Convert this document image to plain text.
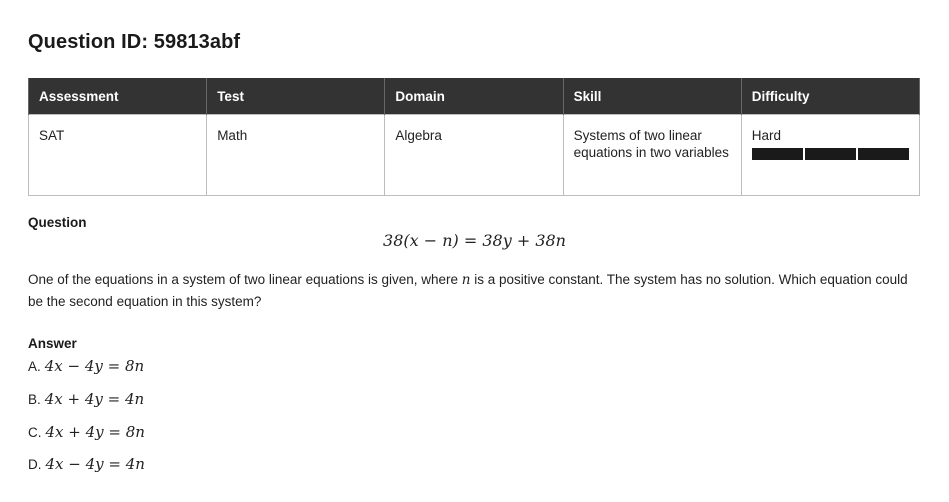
Question ID: 59813abf
Assessment	Test	Domain	Skill	Difficulty
SAT	Math	Algebra	Systems of two linear equations in two variables	Hard
Question
38(x − n) = 38y + 38n
One of the equations in a system of two linear equations is given, where n is a positive constant. The system has no solution. Which equation could be the second equation in this system?
Answer
A. 4x − 4y = 8n
B. 4x + 4y = 4n
C. 4x + 4y = 8n
D. 4x − 4y = 4n
